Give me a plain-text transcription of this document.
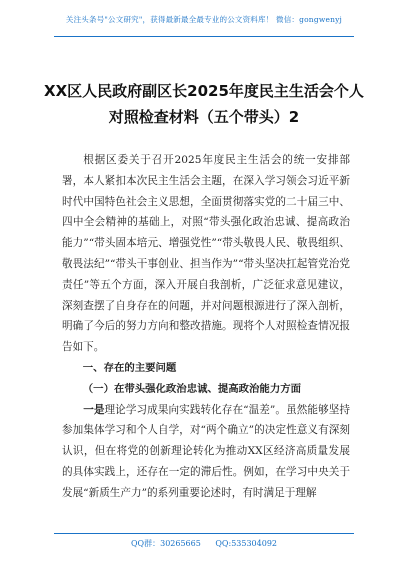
关注头条号"公文研究"，获得最新最全最专业的公文资料库！ 微信：gongwenyj
XX区人民政府副区长2025年度民主生活会个人对照检查材料（五个带头）2

根据区委关于召开2025年度民主生活会的统一安排部署，本人紧扣本次民主生活会主题，在深入学习领会习近平新时代中国特色社会主义思想，全面贯彻落实党的二十届三中、四中全会精神的基础上，对照“带头强化政治忠诚、提高政治能力”“带头固本培元、增强党性”“带头敬畏人民、敬畏组织、敬畏法纪”“带头干事创业、担当作为”“带头坚决扛起管党治党责任”等五个方面，深入开展自我剖析，广泛征求意见建议，深刻查摆了自身存在的问题，并对问题根源进行了深入剖析，明确了今后的努力方向和整改措施。现将个人对照检查情况报告如下。

一、存在的主要问题

（一）在带头强化政治忠诚、提高政治能力方面

一是理论学习成果向实践转化存在“温差”。虽然能够坚持参加集体学习和个人自学，对“两个确立”的决定性意义有深刻认识，但在将党的创新理论转化为推动XX区经济高质量发展的具体实践上，还存在一定的滞后性。例如，在学习中央关于发展“新质生产力”的系列重要论述时，有时满足于理解

QQ群：30265665 QQ:535304092
